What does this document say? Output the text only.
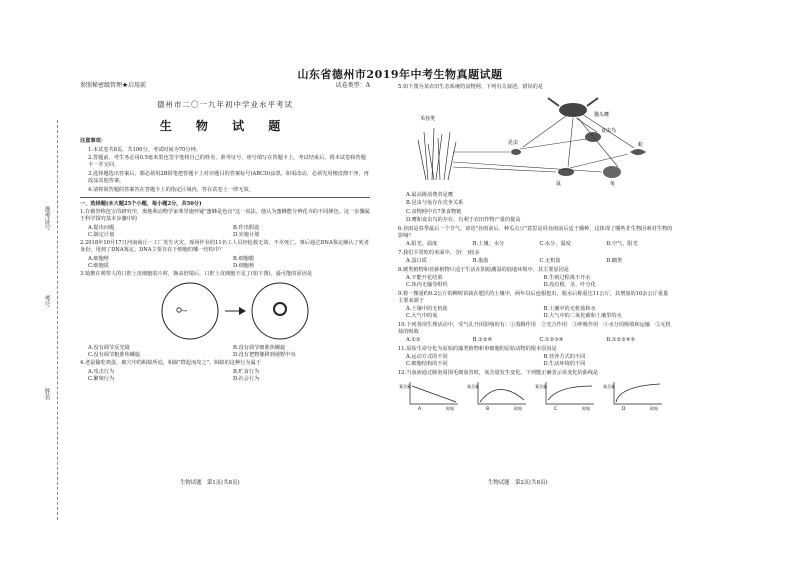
山东省德州市2019年中考生物真题试题
准考证号
考号
姓名
参照秘密级管理★启用前	试卷类型：A
德州市二〇一九年初中学业水平考试
生 物 试 题
注意事项：

1.本试卷共8页，共100分。考试时间为70分钟。

2.答题前，考生务必用0.5毫米黑色签字笔将自己的姓名、准考证号、座号填写在答题卡上。考试结束后，将本试卷和答题卡一并交回。

3.选择题选出答案后，都必须用2B铅笔把答题卡上对应题目的答案标号(ABCD)涂黑，如需改动，必须先用橡皮擦干净，再改涂其他答案。

4.请将简答题的答案答在答题卡上的指定区域内，答在试卷上一律无效。

一、选择题(本大题25个小题，每小题2分，共50分)

1.在被誉称色宝的研究中，奥地利动物学家弗里施怀疑"蜜蜂是色盲"这一说法，他认为蜜蜂能分辨花卉的不同颜色。这一步骤属于科学探究基本步骤中的

A.提出问题	B.作出假设
C.制定计划	D.实施计划

2.2018年10月17日河南商丘一工厂发生火灾，现场作业的11名工人员经抢救无效，不幸死亡。事后通过DNA鉴定确认了死者身份，用到了DNA鉴定。DNA主要存在于细胞的哪一结构中？

A.细胞壁	B.细胞膜
C.细胞质	D.细胞核

3.镜檐在观察人的口腔上皮细胞装片时，换高倍镜后，口腔上皮细胞不见了(如下图)，最可能的原因是

A.没有调节反光镜	B.没有调节细准焦螺旋
C.没有调节粗准焦螺旋	D.没有把物像移到视野中央

4.老鼠偷吃鸡蛋，被穴中的蚂蚁所追，蚂蚁"群起而攻之"。蚂蚁的这种行为属于

A.攻击行为	B.贮食行为
C.繁殖行为	D.社会行为
生物试题　第1页(共8页)

5.如下图为某农田生态系统的食物网。下列有关叙述，错误的是

禾谷类
猫头鹰
食虫鸟
蛇
昆虫
鼠	兔

A.最高级消费者是鹰

B.昆虫与兔存在竞争关系

C.食物网中有7条食物链

D.鹰和食虫鸟的存在，有利于农田作物产量的提高

6.谷雨是春季最后一个节气。谚语"谷雨前后，种瓜点豆"意思是说谷雨前后适于播种，这体现了哪些非生物因素对生物的影响？

A.阳光、温度	B.土壤、水分	C.水分、温度	D.空气、阳光

7.我们平常吃的米面中，含(　)较多

A.蛋白质	B.脂肪	C.无机盐	D.糖类

8.蕨类植物和苔藓植物只适于生活在阴暗潮湿的陆地环境中，其主要原因是

A.不能开花结果	B.生殖过程离不开水
C.体内无输导组织	D.没有根、茎、叶分化

9.将一棵重约0.2公斤的柳树苗栽在肥沃的土壤中，两年以后连根挖出，脱水后称重达11公斤，其增加的10余公斤重量主要来源于

A.土壤中的无机盐	B.土壤中的无机盐和水
C.大气中的氧	D.大气中的二氧化碳和土壤里的水

10.下列各项生理活动中，受气孔开闭影响的有：①蒸腾作用　②光合作用　③呼吸作用　④水分的吸收和运输　⑤无机盐的吸收

A.①②	B.①②④	C.①②③④	D.①②③④⑤

11.原始生命分化为原始的藻类植物和单细胞的原始动物的根本原因是

A.运动方式的不同	B.营养方式的不同
C.细胞结构的不同	D.生活环境的不同

12.当血液通过肺泡周围毛细血管时，氧含量发生变化。下列能正确表示该变化的曲线是

氧含量
时间
A
氧含量
时间
B
氧含量
时间
C
氧含量
时间
D
生物试题　第2页(共8页)
